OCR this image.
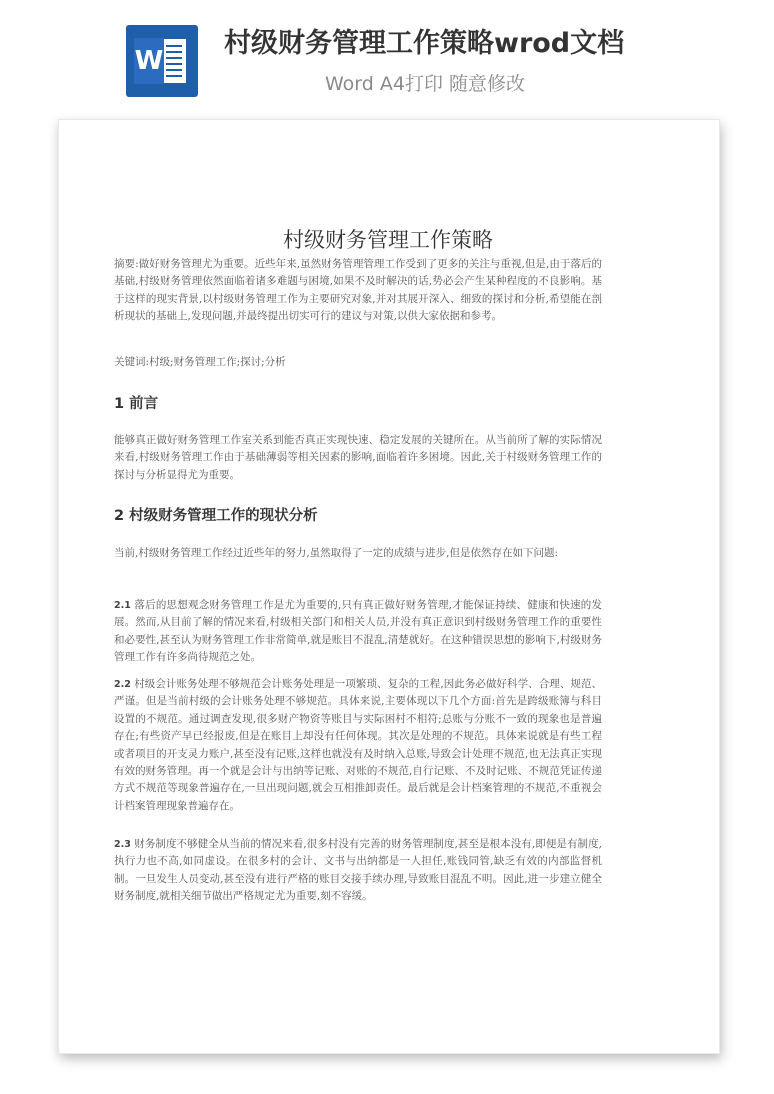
W
村级财务管理工作策略wrod文档
Word A4打印 随意修改
村级财务管理工作策略

摘要:做好财务管理尤为重要。近些年来,虽然财务管理管理工作受到了更多的关注与重视,但是,由于落后的基础,村级财务管理依然面临着诸多难题与困境,如果不及时解决的话,势必会产生某种程度的不良影响。基于这样的现实背景,以村级财务管理工作为主要研究对象,并对其展开深入、细致的探讨和分析,希望能在剖析现状的基础上,发现问题,并最终提出切实可行的建议与对策,以供大家依据和参考。

关键词:村级;财务管理工作;探讨;分析

1 前言

能够真正做好财务管理工作室关系到能否真正实现快速、稳定发展的关键所在。从当前所了解的实际情况来看,村级财务管理工作由于基础薄弱等相关因素的影响,面临着许多困境。因此,关于村级财务管理工作的探讨与分析显得尤为重要。

2 村级财务管理工作的现状分析

当前,村级财务管理工作经过近些年的努力,虽然取得了一定的成绩与进步,但是依然存在如下问题:

2.1 落后的思想观念财务管理工作是尤为重要的,只有真正做好财务管理,才能保证持续、健康和快速的发展。然而,从目前了解的情况来看,村级相关部门和相关人员,并没有真正意识到村级财务管理工作的重要性和必要性,甚至认为财务管理工作非常简单,就是账目不混乱,清楚就好。在这种错误思想的影响下,村级财务管理工作有许多尚待规范之处。

2.2 村级会计账务处理不够规范会计账务处理是一项繁琐、复杂的工程,因此务必做好科学、合理、规范、严谨。但是当前村级的会计账务处理不够规范。具体来说,主要体现以下几个方面:首先是跨级账簿与科目设置的不规范。通过调查发现,很多财产物资等账目与实际困村不相符;总账与分账不一致的现象也是普遍存在;有些资产早已经报废,但是在账目上却没有任何体现。其次是处理的不规范。具体来说就是有些工程或者项目的开支灵力账户,甚至没有记账,这样也就没有及时纳入总账,导致会计处理不规范,也无法真正实现有效的财务管理。再一个就是会计与出纳等记账、对账的不规范,自行记账、不及时记账、不规范凭证传递方式不规范等现象普遍存在,一旦出现问题,就会互相推卸责任。最后就是会计档案管理的不规范,不重视会计档案管理现象普遍存在。

2.3 财务制度不够健全从当前的情况来看,很多村没有完善的财务管理制度,甚至是根本没有,即便是有制度,执行力也不高,如同虚设。在很多村的会计、文书与出纳都是一人担任,账钱同管,缺乏有效的内部监督机制。一旦发生人员变动,甚至没有进行严格的账目交接手续办理,导致账目混乱不明。因此,进一步建立健全财务制度,就相关细节做出严格规定尤为重要,刻不容缓。
